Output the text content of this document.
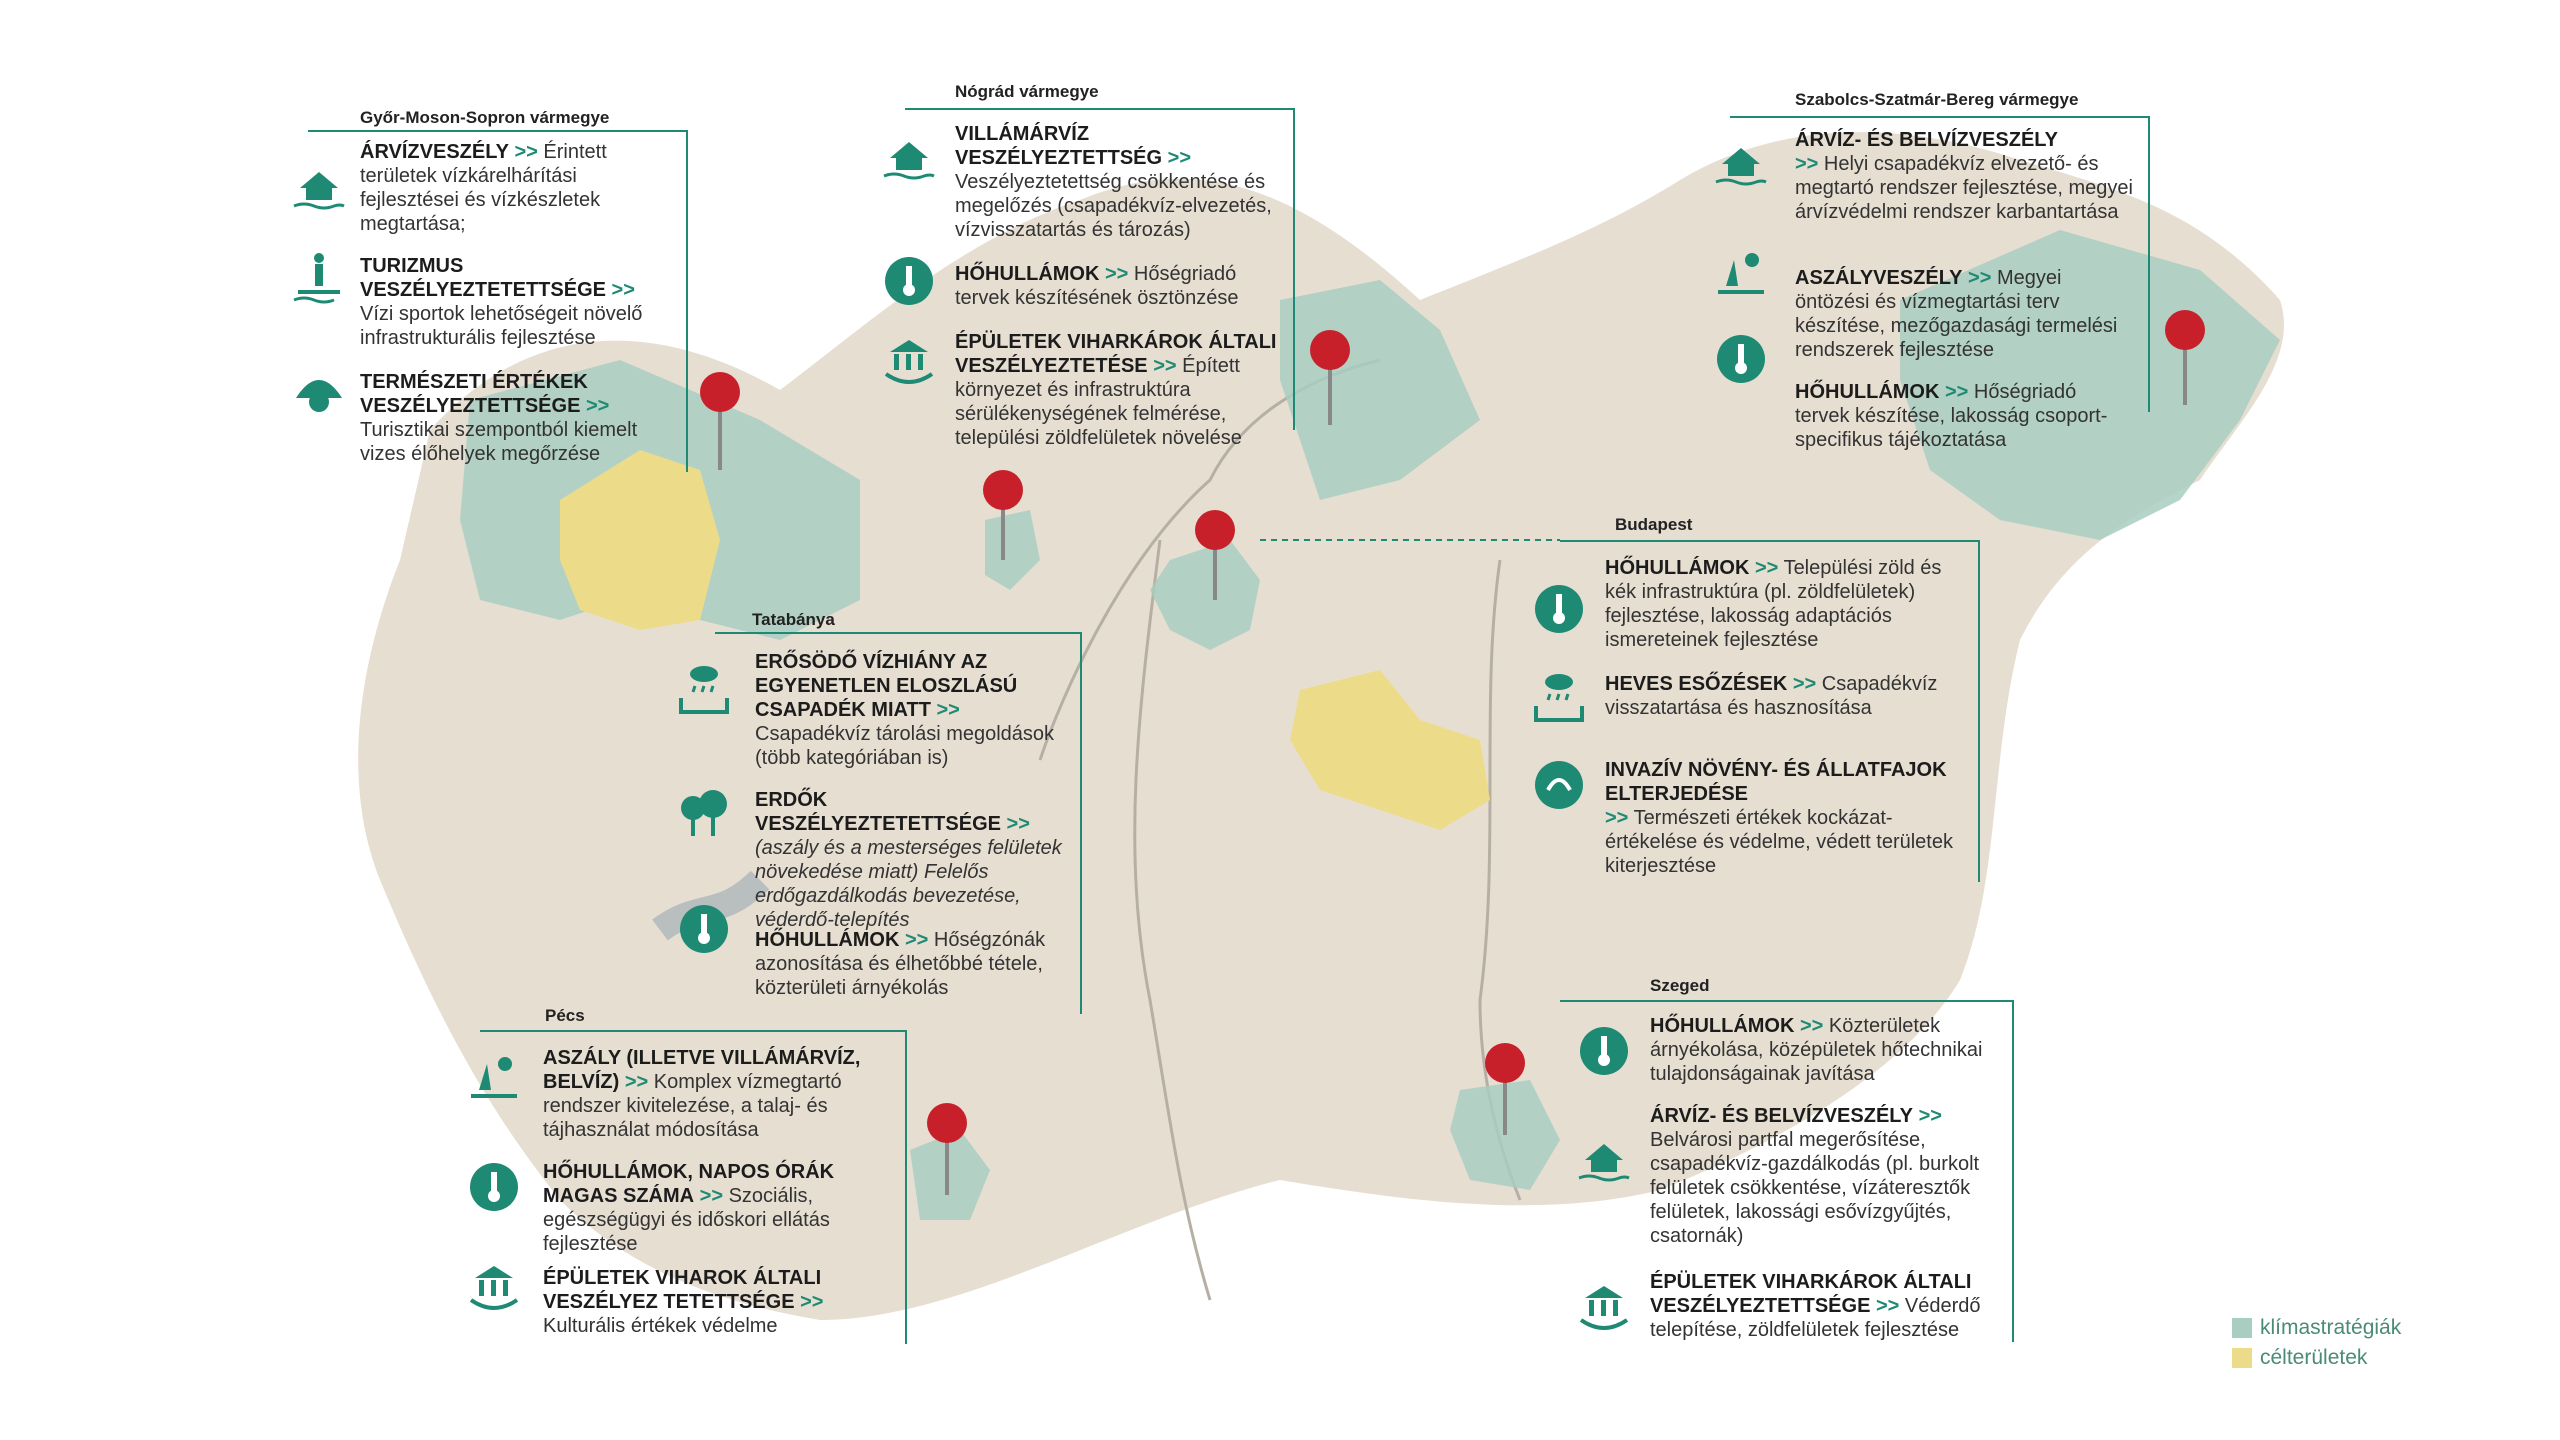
Győr-Moson-Sopron vármegye
ÁRVÍZVESZÉLY >> Érintett területek vízkárelhárítási fejlesztései és vízkészletek megtartása;
TURIZMUS VESZÉLYEZTETETTSÉGE >> Vízi sportok lehetőségeit növelő infrastrukturális fejlesztése
TERMÉSZETI ÉRTÉKEK VESZÉLYEZTETTSÉGE >> Turisztikai szempontból kiemelt vizes élőhelyek megőrzése
Nógrád vármegye
VILLÁMÁRVÍZ VESZÉLYEZTETTSÉG >> Veszélyeztetettség csökkentése és megelőzés (csapadékvíz-elvezetés, vízvisszatartás és tározás)
HŐHULLÁMOK >> Hőségriadó tervek készítésének ösztönzése
ÉPÜLETEK VIHARKÁROK ÁLTALI VESZÉLYEZTETÉSE >> Épített környezet és infrastruktúra sérülékenységének felmérése, települési zöldfelületek növelése
Szabolcs-Szatmár-Bereg vármegye
ÁRVÍZ- ÉS BELVÍZVESZÉLY
>> Helyi csapadékvíz elvezető- és megtartó rendszer fejlesztése, megyei árvízvédelmi rendszer karbantartása
ASZÁLYVESZÉLY >> Megyei öntözési és vízmegtartási terv készítése, mezőgazdasági termelési rendszerek fejlesztése
HŐHULLÁMOK >> Hőségriadó tervek készítése, lakosság csoport-specifikus tájékoztatása
Budapest
HŐHULLÁMOK >> Települési zöld és kék infrastruktúra (pl. zöldfelületek) fejlesztése, lakosság adaptációs ismereteinek fejlesztése
HEVES ESŐZÉSEK >> Csapadékvíz visszatartása és hasznosítása
INVAZÍV NÖVÉNY- ÉS ÁLLATFAJOK ELTERJEDÉSE
>> Természeti értékek kockázat-értékelése és védelme, védett területek kiterjesztése
Tatabánya
ERŐSÖDŐ VÍZHIÁNY AZ EGYENETLEN ELOSZLÁSÚ CSAPADÉK MIATT >> Csapadékvíz tárolási megoldások (több kategóriában is)
ERDŐK VESZÉLYEZTETETTSÉGE >> (aszály és a mesterséges felületek növekedése miatt) Felelős erdőgazdálkodás bevezetése, véderdő-telepítés
HŐHULLÁMOK >> Hőségzónák azonosítása és élhetőbbé tétele, közterületi árnyékolás
Pécs
ASZÁLY (ILLETVE VILLÁMÁRVÍZ, BELVÍZ) >> Komplex vízmegtartó rendszer kivitelezése, a talaj- és tájhasználat módosítása
HŐHULLÁMOK, NAPOS ÓRÁK MAGAS SZÁMA >> Szociális, egészségügyi és időskori ellátás fejlesztése
ÉPÜLETEK VIHAROK ÁLTALI VESZÉLYEZ TETETTSÉGE >> Kulturális értékek védelme
Szeged
HŐHULLÁMOK >> Közterületek árnyékolása, középületek hőtechnikai tulajdonságainak javítása
ÁRVÍZ- ÉS BELVÍZVESZÉLY >> Belvárosi partfal megerősítése, csapadékvíz-gazdálkodás (pl. burkolt felületek csökkentése, vízáteresztők felületek, lakossági esővízgyűjtés, csatornák)
ÉPÜLETEK VIHARKÁROK ÁLTALI VESZÉLYEZTETTSÉGE >> Véderdő telepítése, zöldfelületek fejlesztése	klímastratégiák
célterületek
